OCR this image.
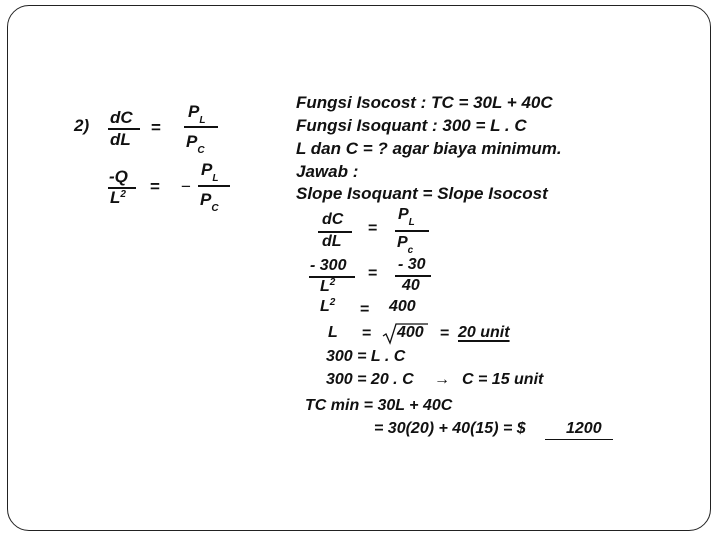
2) dC
dL
=
$P_L$
$P_C$
-Q
$L^2$ = −
$P_L$
$P_C$
Fungsi Isocost : TC = 30L + 40C
Fungsi Isoquant : 300 = L . C
L dan C = ? agar biaya minimum.
Jawab :
Slope Isoquant = Slope Isocost
dC
dL
=
$P_L$
$P_c$
- 300
$L^2$
=
- 30
40
$L^2 = 400$
L = 400 = 20 unit
300 = L . C
300 = 20 . C → C = 15 unit
TC min = 30L + 40C
= 30(20) + 40(15) = $	1200
